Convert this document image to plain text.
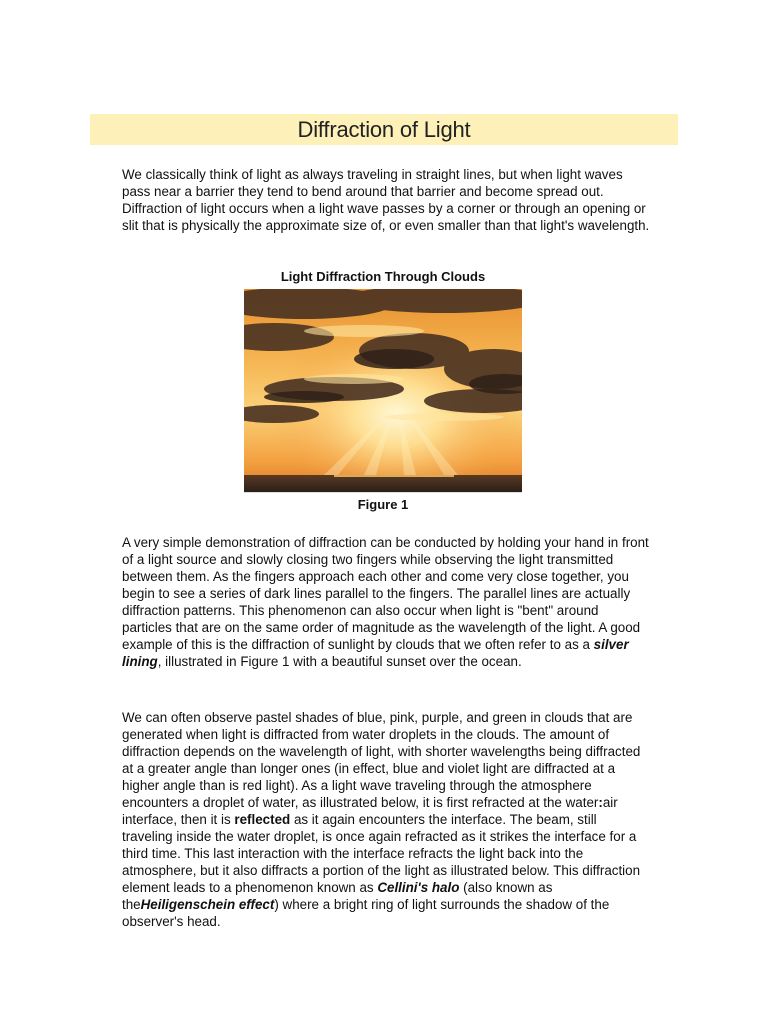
Diffraction of Light

We classically think of light as always traveling in straight lines, but when light waves pass near a barrier they tend to bend around that barrier and become spread out. Diffraction of light occurs when a light wave passes by a corner or through an opening or slit that is physically the approximate size of, or even smaller than that light's wavelength.

Light Diffraction Through Clouds
Figure 1

A very simple demonstration of diffraction can be conducted by holding your hand in front of a light source and slowly closing two fingers while observing the light transmitted between them. As the fingers approach each other and come very close together, you begin to see a series of dark lines parallel to the fingers. The parallel lines are actually diffraction patterns. This phenomenon can also occur when light is "bent" around particles that are on the same order of magnitude as the wavelength of the light. A good example of this is the diffraction of sunlight by clouds that we often refer to as a silver lining, illustrated in Figure 1 with a beautiful sunset over the ocean.

We can often observe pastel shades of blue, pink, purple, and green in clouds that are generated when light is diffracted from water droplets in the clouds. The amount of diffraction depends on the wavelength of light, with shorter wavelengths being diffracted at a greater angle than longer ones (in effect, blue and violet light are diffracted at a higher angle than is red light). As a light wave traveling through the atmosphere encounters a droplet of water, as illustrated below, it is first refracted at the water:air interface, then it is reflected as it again encounters the interface. The beam, still traveling inside the water droplet, is once again refracted as it strikes the interface for a third time. This last interaction with the interface refracts the light back into the atmosphere, but it also diffracts a portion of the light as illustrated below. This diffraction element leads to a phenomenon known as Cellini's halo (also known as theHeiligenschein effect) where a bright ring of light surrounds the shadow of the observer's head.
